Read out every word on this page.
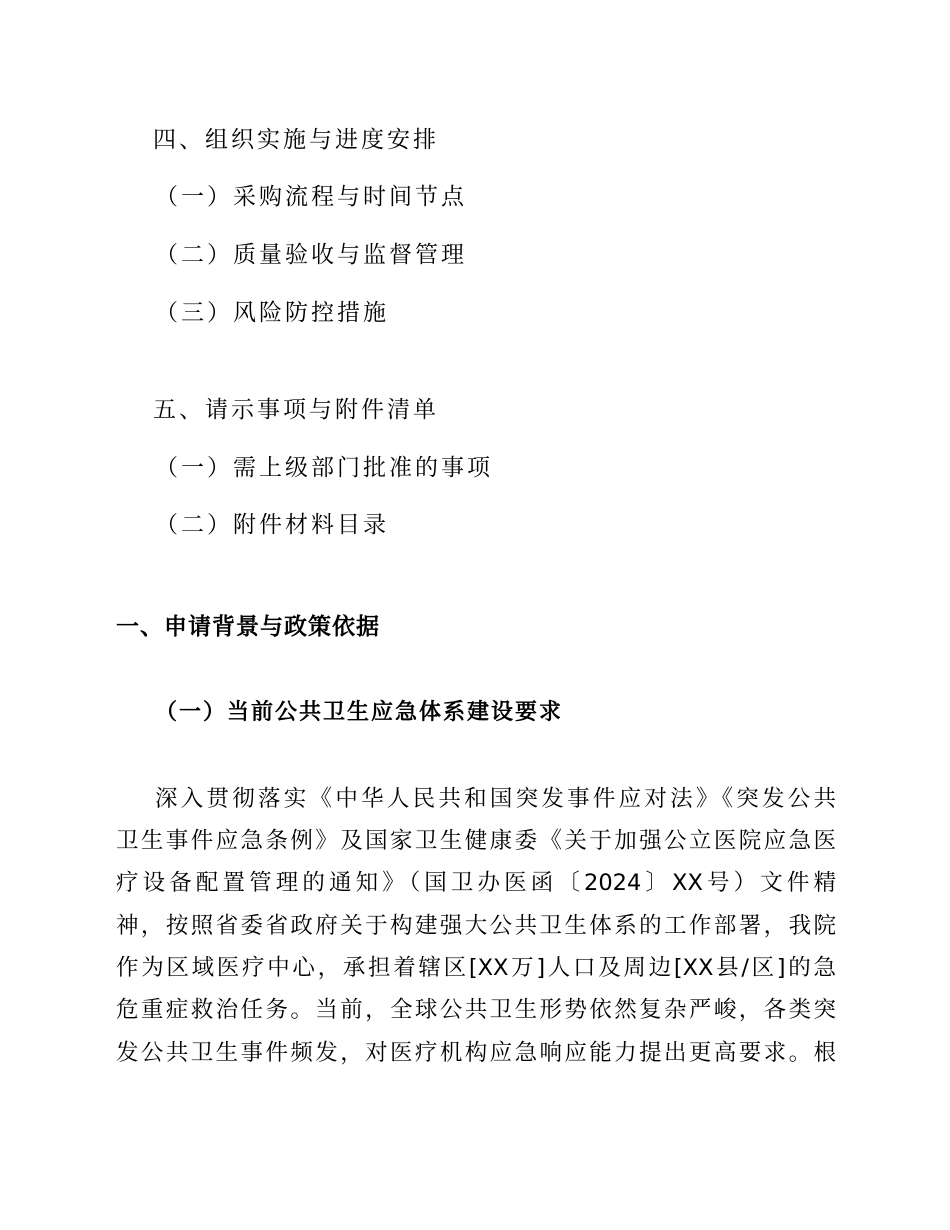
四、组织实施与进度安排
（一）采购流程与时间节点
（二）质量验收与监督管理
（三）风险防控措施
五、请示事项与附件清单
（一）需上级部门批准的事项
（二）附件材料目录
一、申请背景与政策依据
（一）当前公共卫生应急体系建设要求
深入贯彻落实《中华人民共和国突发事件应对法》《突发公共
卫生事件应急条例》及国家卫生健康委《关于加强公立医院应急医
疗设备配置管理的通知》（国卫办医函〔2024〕XX号）文件精
神，按照省委省政府关于构建强大公共卫生体系的工作部署，我院
作为区域医疗中心，承担着辖区[XX万]人口及周边[XX县/区]的急
危重症救治任务。当前，全球公共卫生形势依然复杂严峻，各类突
发公共卫生事件频发，对医疗机构应急响应能力提出更高要求。根
